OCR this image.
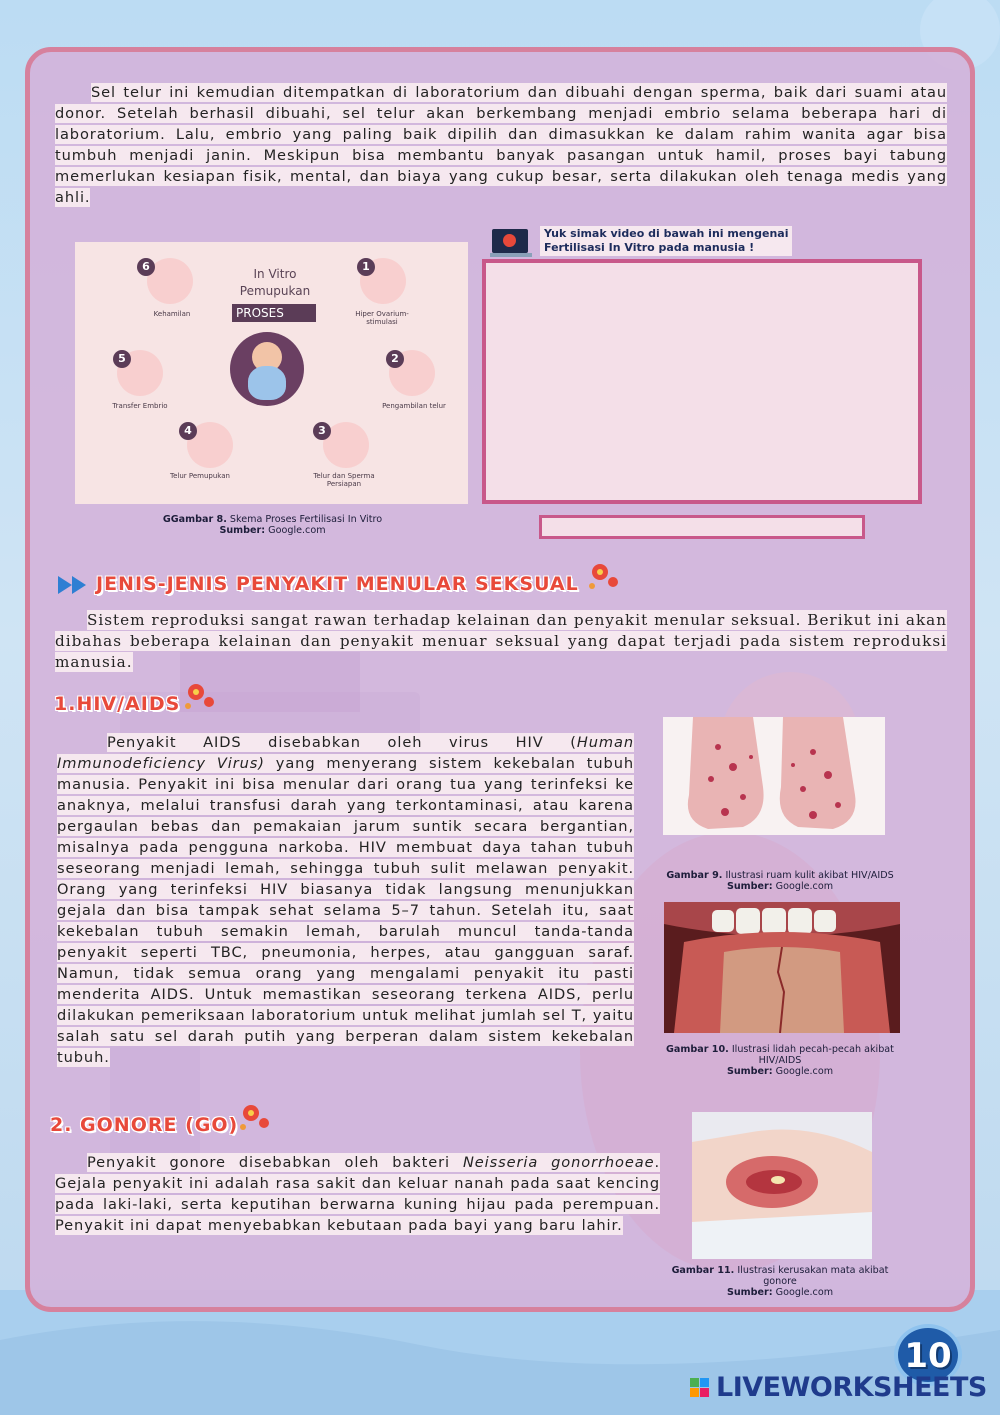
Sel telur ini kemudian ditempatkan di laboratorium dan dibuahi dengan sperma, baik dari suami atau donor. Setelah berhasil dibuahi, sel telur akan berkembang menjadi embrio selama beberapa hari di laboratorium. Lalu, embrio yang paling baik dipilih dan dimasukkan ke dalam rahim wanita agar bisa tumbuh menjadi janin. Meskipun bisa membantu banyak pasangan untuk hamil, proses bayi tabung memerlukan kesiapan fisik, mental, dan biaya yang cukup besar, serta dilakukan oleh tenaga medis yang ahli.

In Vitro
Pemupukan
PROSES
6
Kehamilan
1
Hiper Ovarium-stimulasi
5
Transfer Embrio
2
Pengambilan telur
4
Telur Pemupukan
3
Telur dan Sperma Persiapan
GGambar 8. Skema Proses Fertilisasi In Vitro
Sumber: Google.com
Yuk simak video di bawah ini mengenai
Fertilisasi In Vitro pada manusia !
JENIS-JENIS PENYAKIT MENULAR SEKSUAL

Sistem reproduksi sangat rawan terhadap kelainan dan penyakit menular seksual. Berikut ini akan dibahas beberapa kelainan dan penyakit menuar seksual yang dapat terjadi pada sistem reproduksi manusia.

1.HIV/AIDS

Penyakit AIDS disebabkan oleh virus HIV (Human Immunodeficiency Virus) yang menyerang sistem kekebalan tubuh manusia. Penyakit ini bisa menular dari orang tua yang terinfeksi ke anaknya, melalui transfusi darah yang terkontaminasi, atau karena pergaulan bebas dan pemakaian jarum suntik secara bergantian, misalnya pada pengguna narkoba. HIV membuat daya tahan tubuh seseorang menjadi lemah, sehingga tubuh sulit melawan penyakit. Orang yang terinfeksi HIV biasanya tidak langsung menunjukkan gejala dan bisa tampak sehat selama 5–7 tahun. Setelah itu, saat kekebalan tubuh semakin lemah, barulah muncul tanda-tanda penyakit seperti TBC, pneumonia, herpes, atau gangguan saraf. Namun, tidak semua orang yang mengalami penyakit itu pasti menderita AIDS. Untuk memastikan seseorang terkena AIDS, perlu dilakukan pemeriksaan laboratorium untuk melihat jumlah sel T, yaitu salah satu sel darah putih yang berperan dalam sistem kekebalan tubuh.

Gambar 9. Ilustrasi ruam kulit akibat HIV/AIDS
Sumber: Google.com
Gambar 10. Ilustrasi lidah pecah-pecah akibat HIV/AIDS
Sumber: Google.com
2. GONORE (GO)

Penyakit gonore disebabkan oleh bakteri Neisseria gonorrhoeae. Gejala penyakit ini adalah rasa sakit dan keluar nanah pada saat kencing pada laki-laki, serta keputihan berwarna kuning hijau pada perempuan. Penyakit ini dapat menyebabkan kebutaan pada bayi yang baru lahir.

Gambar 11. Ilustrasi kerusakan mata akibat gonore
Sumber: Google.com
10
LIVEWORKSHEETS
